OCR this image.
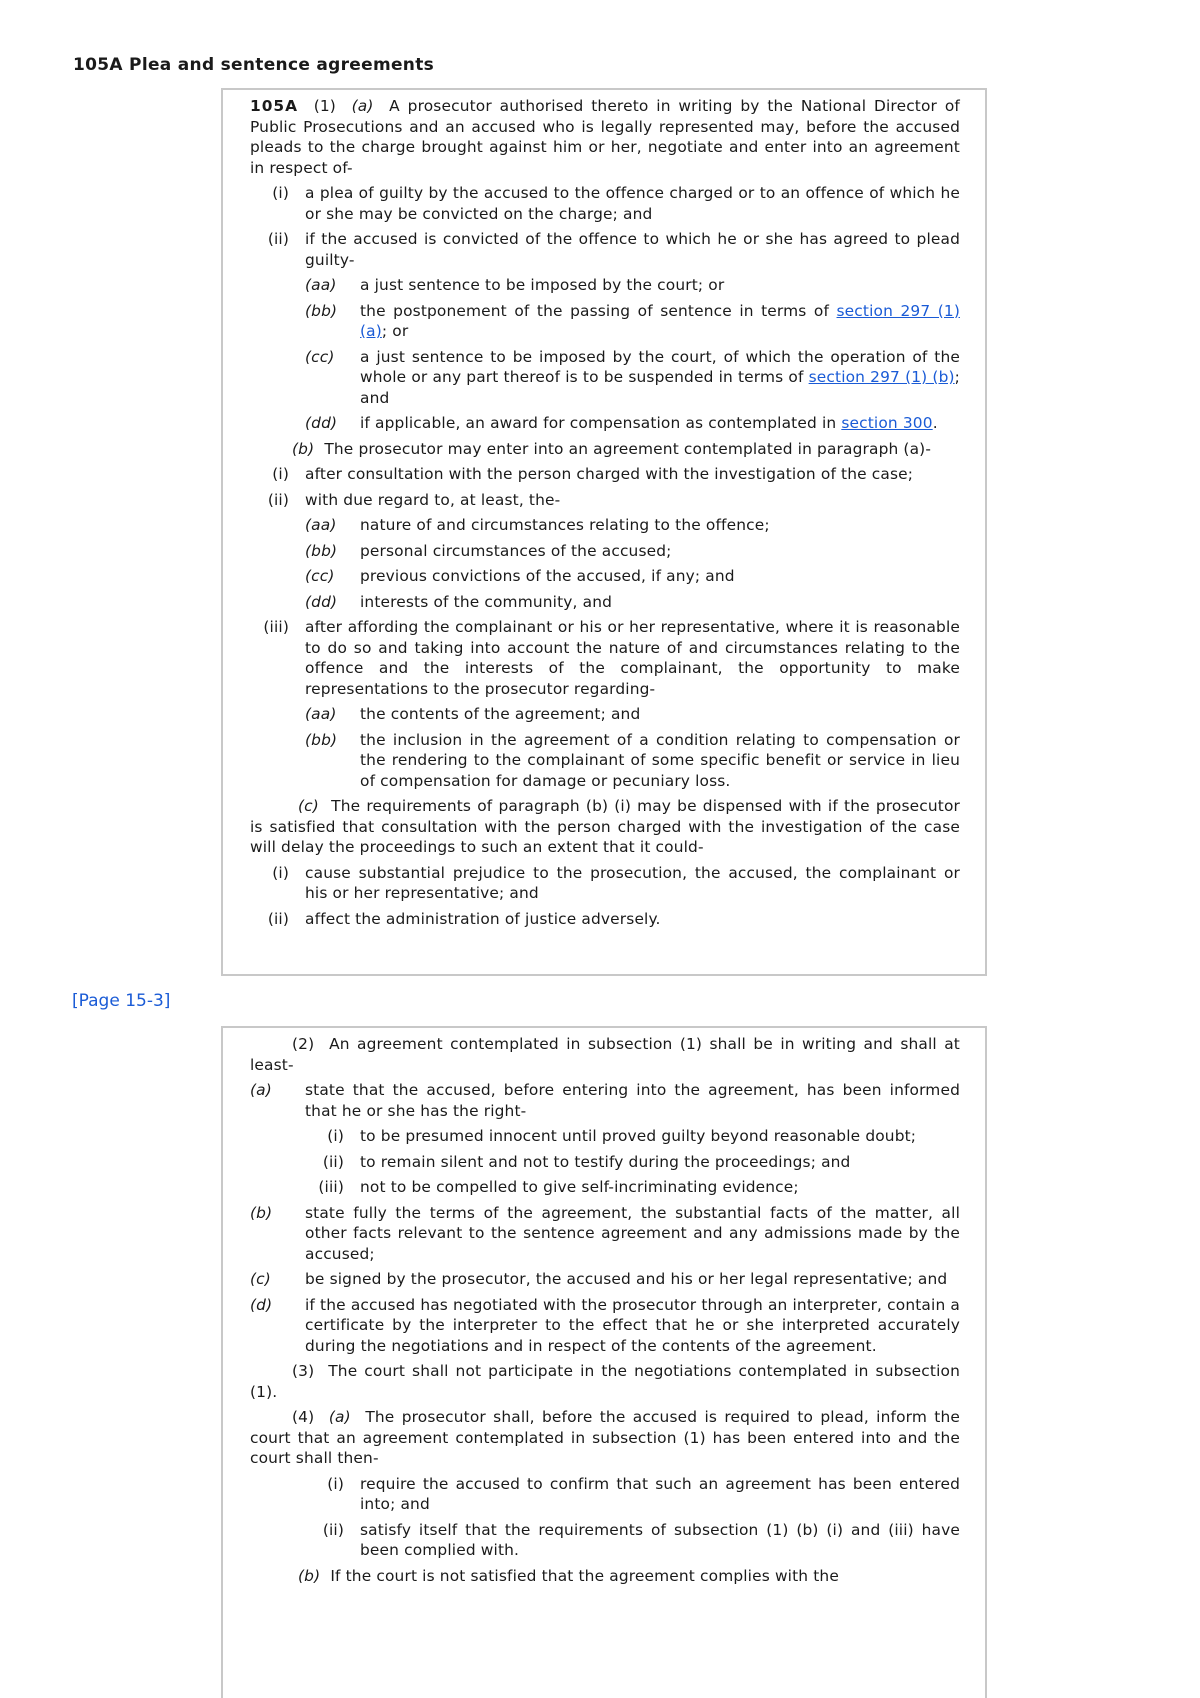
105A Plea and sentence agreements

105A (1) (a) A prosecutor authorised thereto in writing by the National Director of Public Prosecutions and an accused who is legally represented may, before the accused pleads to the charge brought against him or her, negotiate and enter into an agreement in respect of-

(i)	a plea of guilty by the accused to the offence charged or to an offence of which he or she may be convicted on the charge; and
(ii)	if the accused is convicted of the offence to which he or she has agreed to plead guilty-
(aa)	a just sentence to be imposed by the court; or
(bb)	the postponement of the passing of sentence in terms of section 297 (1) (a); or
(cc)	a just sentence to be imposed by the court, of which the operation of the whole or any part thereof is to be suspended in terms of section 297 (1) (b); and
(dd)	if applicable, an award for compensation as contemplated in section 300.

(b) The prosecutor may enter into an agreement contemplated in paragraph (a)-

(i)	after consultation with the person charged with the investigation of the case;
(ii)	with due regard to, at least, the-
(aa)	nature of and circumstances relating to the offence;
(bb)	personal circumstances of the accused;
(cc)	previous convictions of the accused, if any; and
(dd)	interests of the community, and
(iii)	after affording the complainant or his or her representative, where it is reasonable to do so and taking into account the nature of and circumstances relating to the offence and the interests of the complainant, the opportunity to make representations to the prosecutor regarding-
(aa)	the contents of the agreement; and
(bb)	the inclusion in the agreement of a condition relating to compensation or the rendering to the complainant of some specific benefit or service in lieu of compensation for damage or pecuniary loss.

(c) The requirements of paragraph (b) (i) may be dispensed with if the prosecutor is satisfied that consultation with the person charged with the investigation of the case will delay the proceedings to such an extent that it could-

(i)	cause substantial prejudice to the prosecution, the accused, the complainant or his or her representative; and
(ii)	affect the administration of justice adversely.
[Page 15-3]

(2) An agreement contemplated in subsection (1) shall be in writing and shall at least-

(a)	state that the accused, before entering into the agreement, has been informed that he or she has the right-
(i)	to be presumed innocent until proved guilty beyond reasonable doubt;
(ii)	to remain silent and not to testify during the proceedings; and
(iii)	not to be compelled to give self-incriminating evidence;
(b)	state fully the terms of the agreement, the substantial facts of the matter, all other facts relevant to the sentence agreement and any admissions made by the accused;
(c)	be signed by the prosecutor, the accused and his or her legal representative; and
(d)	if the accused has negotiated with the prosecutor through an interpreter, contain a certificate by the interpreter to the effect that he or she interpreted accurately during the negotiations and in respect of the contents of the agreement.

(3) The court shall not participate in the negotiations contemplated in subsection (1).

(4) (a) The prosecutor shall, before the accused is required to plead, inform the court that an agreement contemplated in subsection (1) has been entered into and the court shall then-

(i)	require the accused to confirm that such an agreement has been entered into; and
(ii)	satisfy itself that the requirements of subsection (1) (b) (i) and (iii) have been complied with.

(b) If the court is not satisfied that the agreement complies with the
